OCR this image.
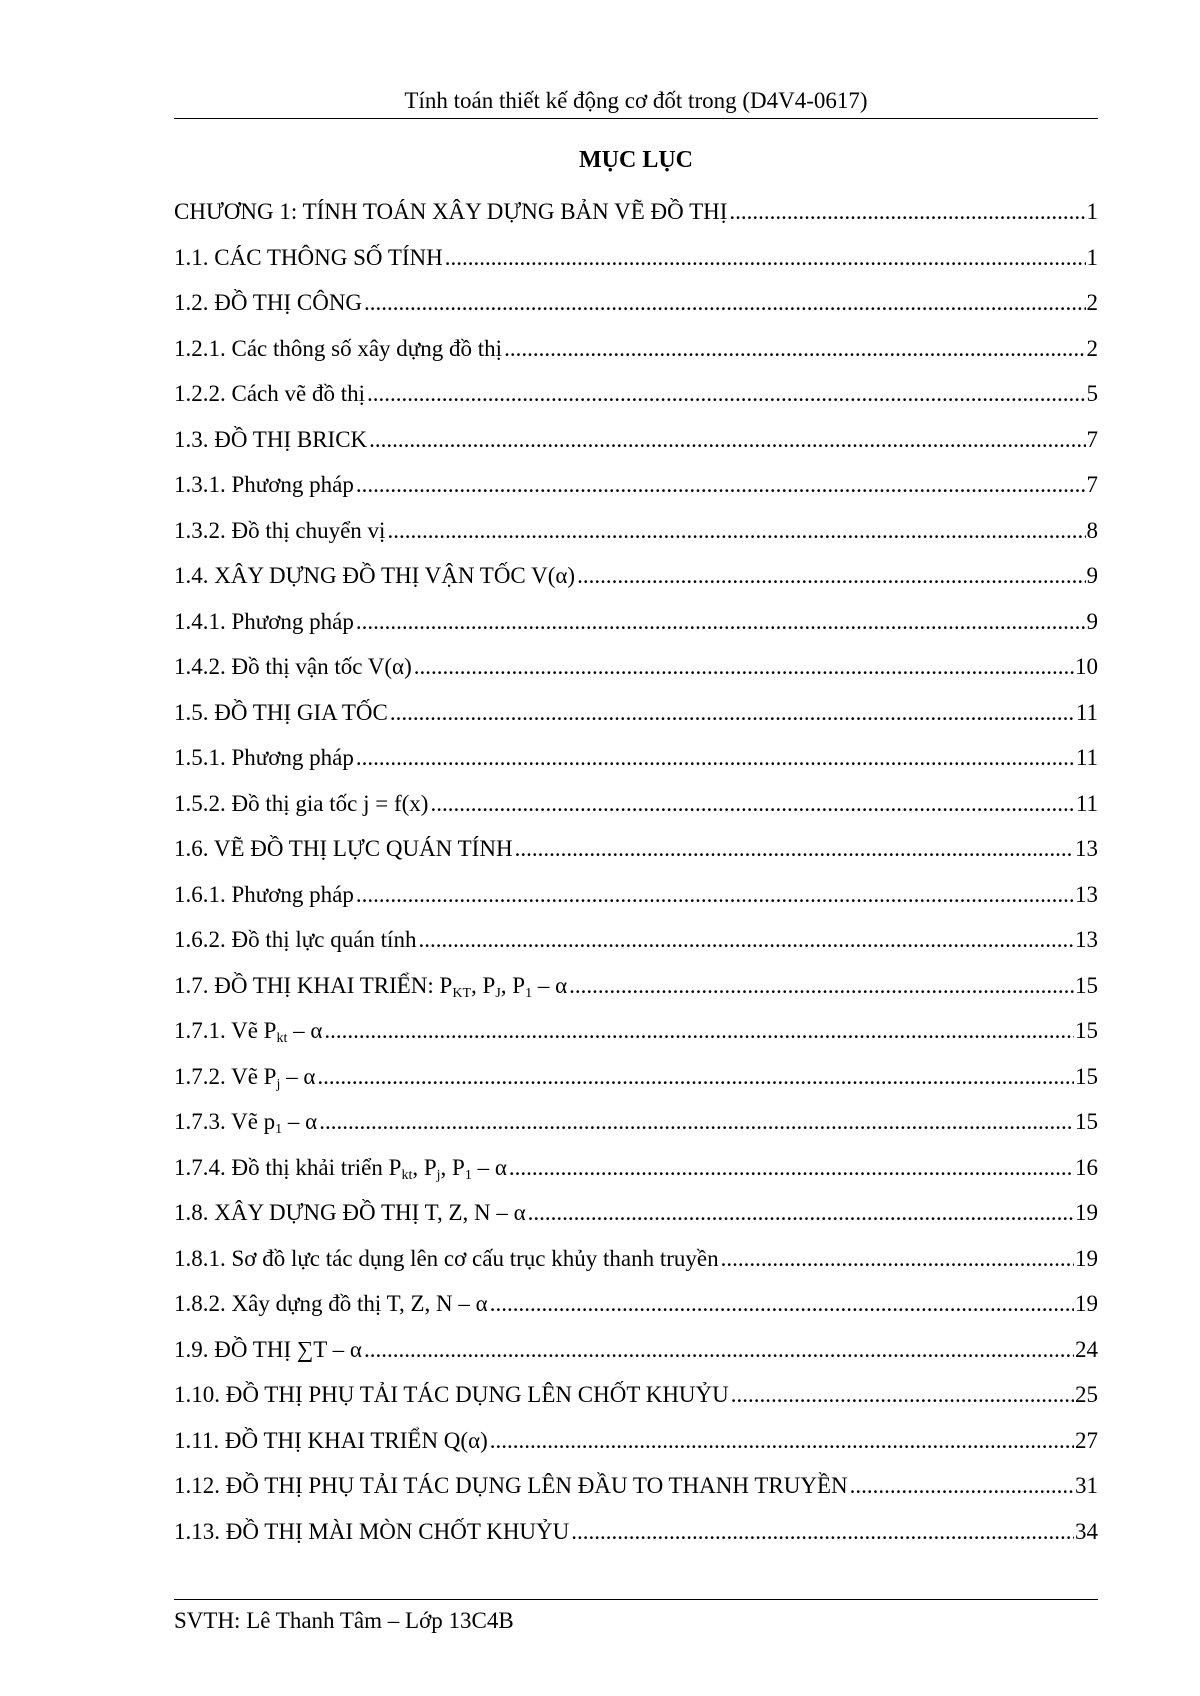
Tính toán thiết kế động cơ đốt trong (D4V4-0617)
MỤC LỤC
CHƯƠNG 1: TÍNH TOÁN XÂY DỰNG BẢN VẼ ĐỒ THỊ .....	1
1.1. CÁC THÔNG SỐ TÍNH .....	1
1.2. ĐỒ THỊ CÔNG .....	2
1.2.1. Các thông số xây dựng đồ thị .....	2
1.2.2. Cách vẽ đồ thị .....	5
1.3. ĐỒ THỊ BRICK .....	7
1.3.1. Phương pháp .....	7
1.3.2. Đồ thị chuyển vị .....	8
1.4. XÂY DỰNG ĐỒ THỊ VẬN TỐC V(α) .....	9
1.4.1. Phương pháp .....	9
1.4.2. Đồ thị vận tốc V(α) .....	10
1.5. ĐỒ THỊ GIA TỐC .....	11
1.5.1. Phương pháp .....	11
1.5.2. Đồ thị gia tốc j = f(x) .....	11
1.6. VẼ ĐỒ THỊ LỰC QUÁN TÍNH .....	13
1.6.1. Phương pháp .....	13
1.6.2. Đồ thị lực quán tính .....	13
1.7. ĐỒ THỊ KHAI TRIỂN: $P_{KT}$, $P_J$, $P_1$ – α .....	15
1.7.1. Vẽ $P_{kt}$ – α .....	15
1.7.2. Vẽ $P_j$ – α .....	15
1.7.3. Vẽ $p_1$ – α .....	15
1.7.4. Đồ thị khải triển $P_{kt}$, $P_j$, $P_1$ – α .....	16
1.8. XÂY DỰNG ĐỒ THỊ T, Z, N – α .....	19
1.8.1. Sơ đồ lực tác dụng lên cơ cấu trục khủy thanh truyền .....	19
1.8.2. Xây dựng đồ thị T, Z, N – α .....	19
1.9. ĐỒ THỊ ∑T – α .....	24
1.10. ĐỒ THỊ PHỤ TẢI TÁC DỤNG LÊN CHỐT KHUỶU .....	25
1.11. ĐỒ THỊ KHAI TRIỂN Q(α) .....	27
1.12. ĐỒ THỊ PHỤ TẢI TÁC DỤNG LÊN ĐẦU TO THANH TRUYỀN .....	31
1.13. ĐỒ THỊ MÀI MÒN CHỐT KHUỶU .....	34
SVTH: Lê Thanh Tâm – Lớp 13C4B
